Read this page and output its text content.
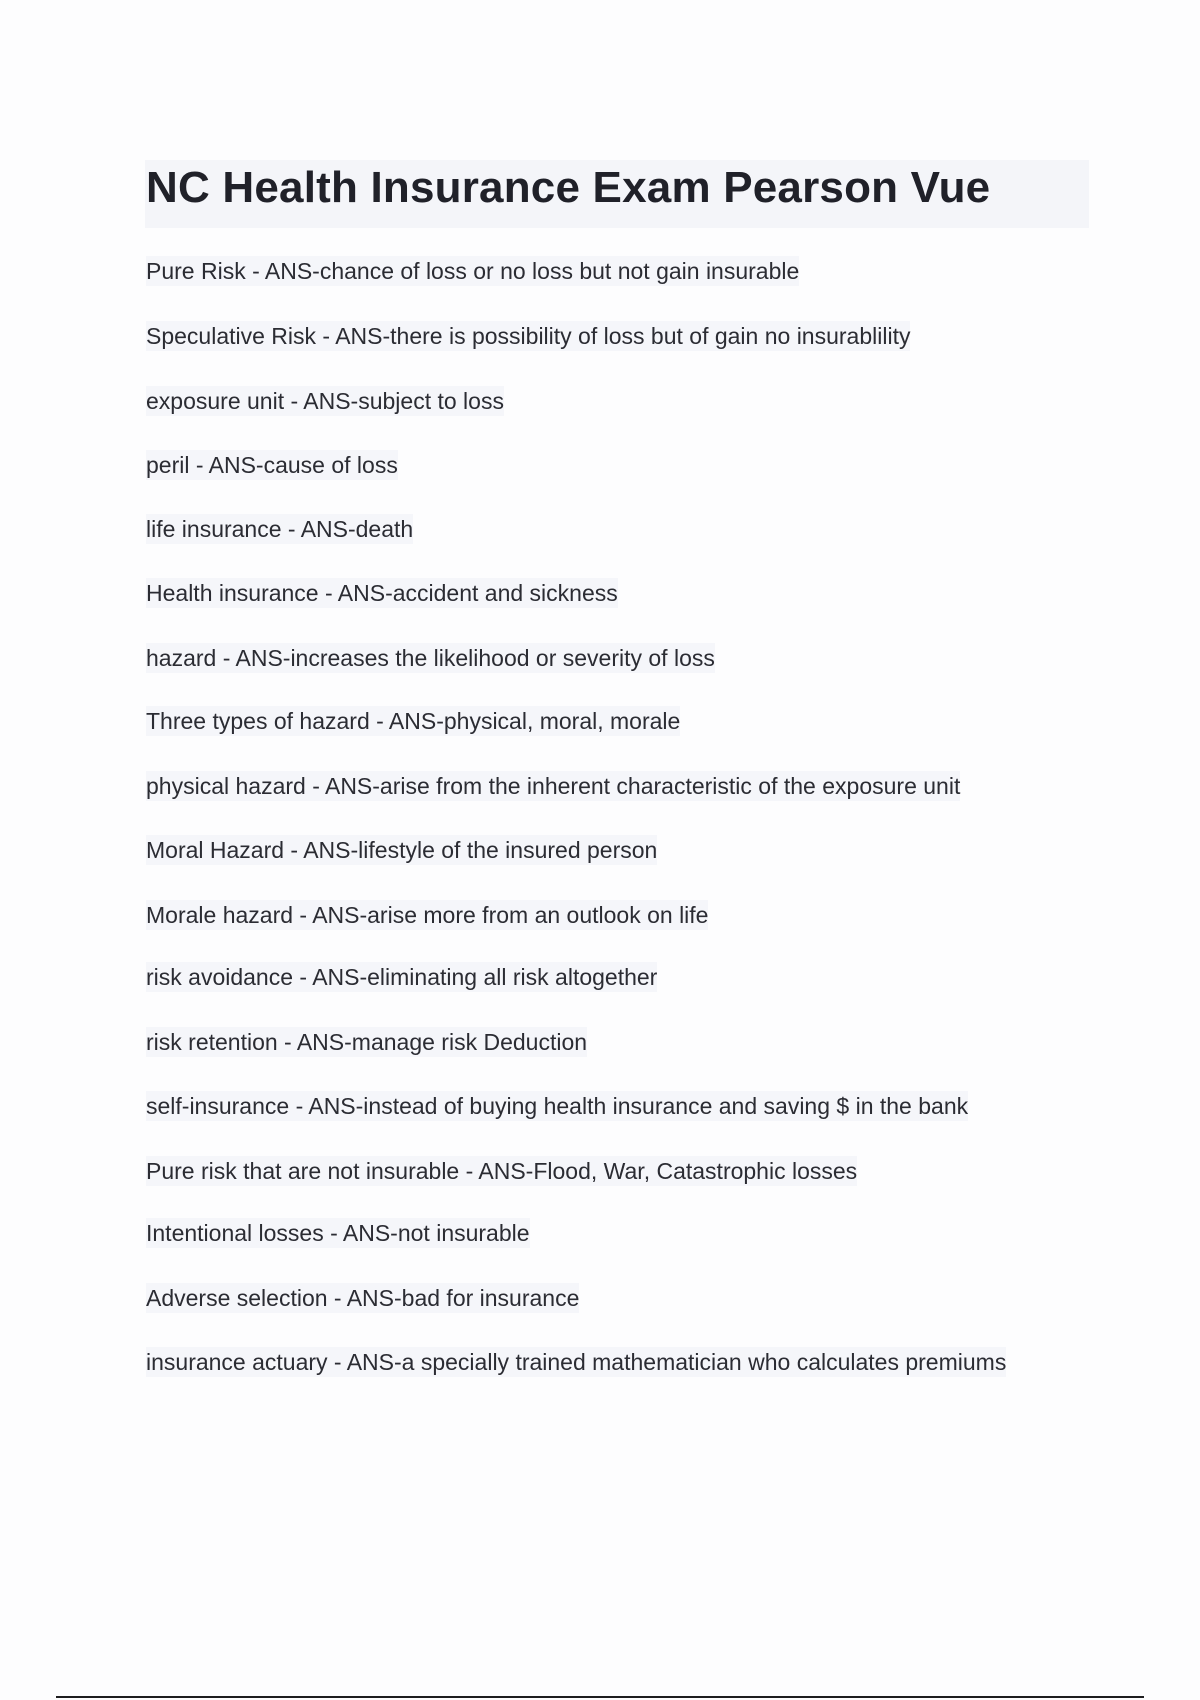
NC Health Insurance Exam Pearson Vue

Pure Risk - ANS-chance of loss or no loss but not gain insurable

Speculative Risk - ANS-there is possibility of loss but of gain no insurablility

exposure unit - ANS-subject to loss

peril - ANS-cause of loss

life insurance - ANS-death

Health insurance - ANS-accident and sickness

hazard - ANS-increases the likelihood or severity of loss

Three types of hazard - ANS-physical, moral, morale

physical hazard - ANS-arise from the inherent characteristic of the exposure unit

Moral Hazard - ANS-lifestyle of the insured person

Morale hazard - ANS-arise more from an outlook on life

risk avoidance - ANS-eliminating all risk altogether

risk retention - ANS-manage risk Deduction

self-insurance - ANS-instead of buying health insurance and saving $ in the bank

Pure risk that are not insurable - ANS-Flood, War, Catastrophic losses

Intentional losses - ANS-not insurable

Adverse selection - ANS-bad for insurance

insurance actuary - ANS-a specially trained mathematician who calculates premiums
